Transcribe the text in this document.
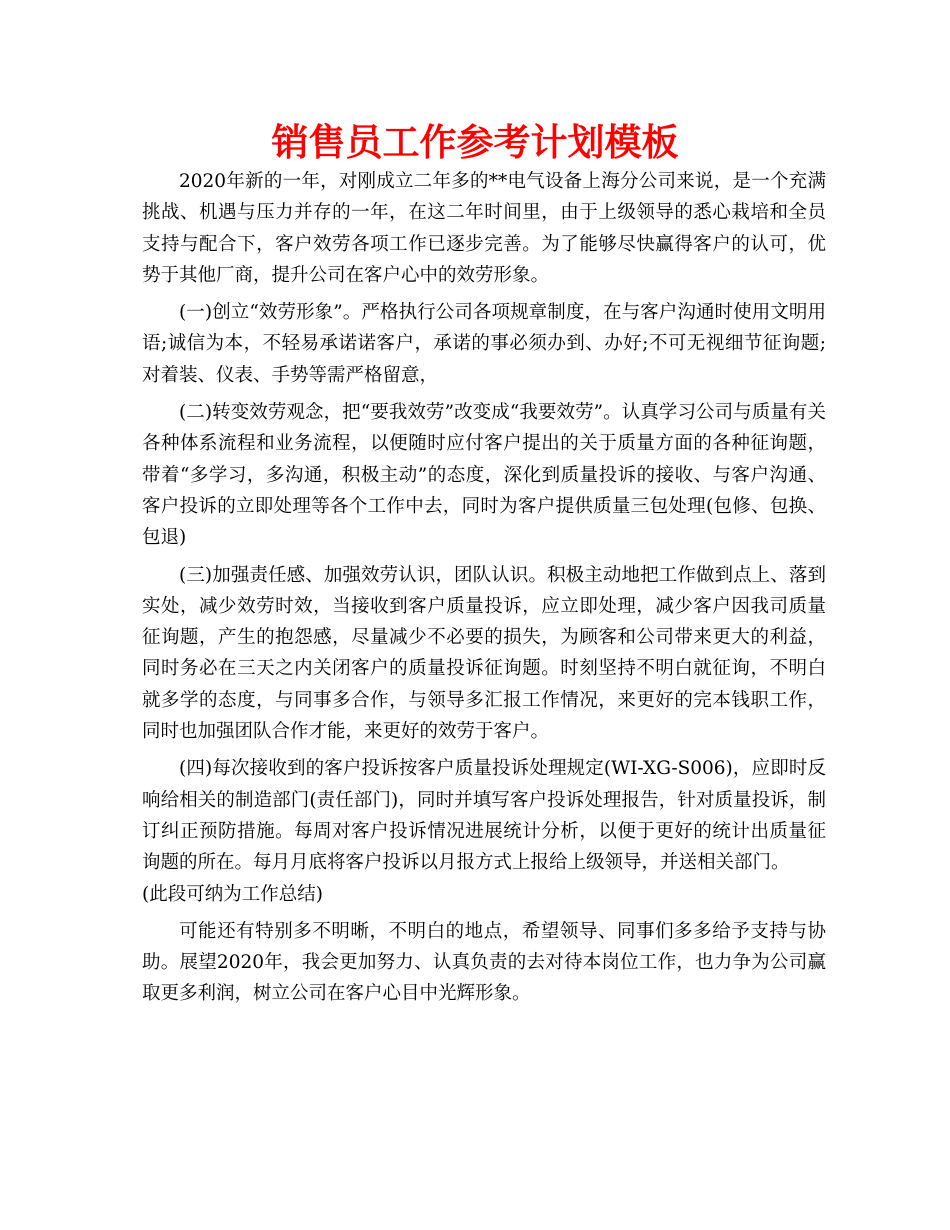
销售员工作参考计划模板

2020年新的一年，对刚成立二年多的**电气设备上海分公司来说，是一个充满挑战、机遇与压力并存的一年，在这二年时间里，由于上级领导的悉心栽培和全员支持与配合下，客户效劳各项工作已逐步完善。为了能够尽快赢得客户的认可，优势于其他厂商，提升公司在客户心中的效劳形象。

(一)创立“效劳形象”。严格执行公司各项规章制度，在与客户沟通时使用文明用语;诚信为本，不轻易承诺诺客户，承诺的事必须办到、办好;不可无视细节征询题;对着装、仪表、手势等需严格留意，

(二)转变效劳观念，把“要我效劳”改变成“我要效劳”。认真学习公司与质量有关各种体系流程和业务流程，以便随时应付客户提出的关于质量方面的各种征询题，带着“多学习，多沟通，积极主动”的态度，深化到质量投诉的接收、与客户沟通、客户投诉的立即处理等各个工作中去，同时为客户提供质量三包处理(包修、包换、包退)

(三)加强责任感、加强效劳认识，团队认识。积极主动地把工作做到点上、落到实处，减少效劳时效，当接收到客户质量投诉，应立即处理，减少客户因我司质量征询题，产生的抱怨感，尽量减少不必要的损失，为顾客和公司带来更大的利益，同时务必在三天之内关闭客户的质量投诉征询题。时刻坚持不明白就征询，不明白就多学的态度，与同事多合作，与领导多汇报工作情况，来更好的完本钱职工作，同时也加强团队合作才能，来更好的效劳于客户。

(四)每次接收到的客户投诉按客户质量投诉处理规定(WI-XG-S006)，应即时反响给相关的制造部门(责任部门)，同时并填写客户投诉处理报告，针对质量投诉，制订纠正预防措施。每周对客户投诉情况进展统计分析，以便于更好的统计出质量征询题的所在。每月月底将客户投诉以月报方式上报给上级领导，并送相关部门。

(此段可纳为工作总结)

可能还有特别多不明晰，不明白的地点，希望领导、同事们多多给予支持与协助。展望2020年，我会更加努力、认真负责的去对待本岗位工作，也力争为公司赢取更多利润，树立公司在客户心目中光辉形象。
